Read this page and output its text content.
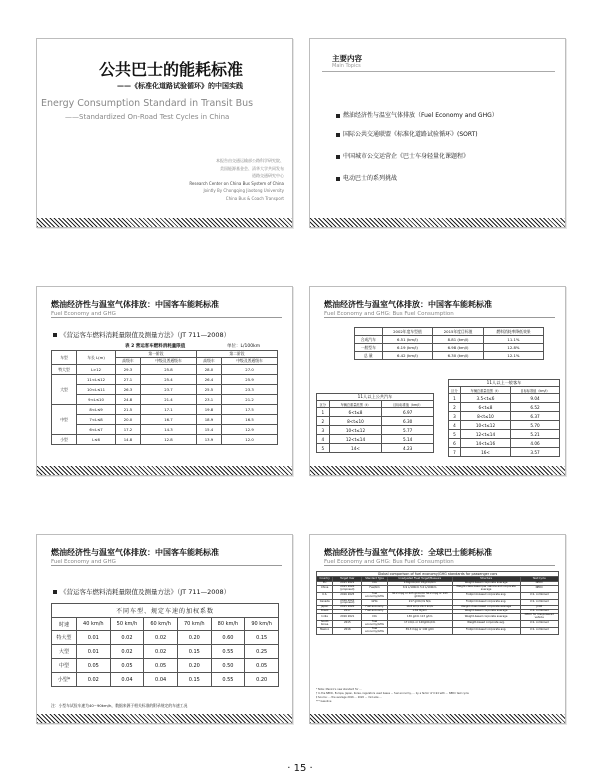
公共巴士的能耗标准
——《标准化道路试验循环》的中国实践
Energy Consumption Standard in Transit Bus
——Standardized On-Road Test Cycles in China
本报告由交通运输部公路科学研究院、
美国能源基金会、清华大学共同发布
道路交通研究中心
Research Center on China Bus System of China
Jointly By Chongqing Jiaotong University
China Bus & Coach Transport
主要内容
Main Topics
燃油经济性与温室气体排放（Fuel Economy and GHG）
国际公共交通联盟《标准化道路试验循环》(SORT)
中国城市公交运营企《巴士车身轻量化课题程》
电动巴士的系列挑战
燃油经济性与温室气体排放：中国客车能耗标准
Fuel Economy and GHG
《营运客车燃料消耗量限值及测量方法》（JT 711—2008）
表 2 营运客车燃料消耗量限值	单位：L/100km
车型	车长 L(m)	第一阶段		第二阶段	
		高级车	中级及普通级车	高级车	中级及普通级车
特大型	L>12	29.3	25.8	28.0	27.0
大型	11<L≤12	27.1	25.4	26.4	25.9
	10<L≤11	26.3	23.7	25.5	23.3
	9<L≤10	24.8	21.4	23.1	21.2
中型	8<L≤9	21.5	17.1	19.8	17.5
	7<L≤8	20.0	16.7	18.9	16.5
	6<L≤7	17.2	14.3	15.4	12.9
小型	L≤6	14.8	12.8	13.9	12.0
燃油经济性与温室气体排放：中国客车能耗标准
Fuel Economy and GHG: Bus Fuel Consumption
	2002年度车型值	2015年度目标值	燃料消耗率降低效果
合成汽车	6.51 (km/l)	8.81 (km/l)	11.1%
一般型车	6.19 (km/l)	6.98 (km/l)	12.8%
总 量	6.42 (km/l)	6.30 (km/l)	12.1%
11人以上公共汽车		
区分	车辆总重量范围（t）	目标标准值（km/l）
1	6<t≤8	6.97
2	8<t≤10	6.30
3	10<t≤12	5.77
4	12<t≤14	5.14
5	14<	4.23
11人以上一般客车		
区分	车辆总重量范围（t）	目标标准值（km/l）
1	3.5<t≤6	9.04
2	6<t≤8	6.52
3	8<t≤10	6.37
4	10<t≤12	5.70
5	12<t≤14	5.21
6	14<t≤16	4.06
7	16<	3.57
燃油经济性与温室气体排放：中国客车能耗标准
Fuel Economy and GHG
《营运客车燃料消耗量限值及测量方法》（JT 711—2008）
不同车型、规定车速的加权系数						
时速	40 km/h	50 km/h	60 km/h	70 km/h	80 km/h	90 km/h
特大型	0.01	0.02	0.02	0.20	0.60	0.15
大型	0.01	0.02	0.02	0.15	0.55	0.25
中型	0.05	0.05	0.05	0.20	0.50	0.05
小型*	0.02	0.04	0.04	0.15	0.55	0.20
注：小型车试验车速为40~90km/h，数据来源于相关标准的附录规定的车速工况
燃油经济性与温室气体排放：全球巴士能耗标准
Fuel Economy and GHG: Bus Fuel Consumption
Global comparison of fuel economy/GHG standards for passenger cars					
Country	Target Year	Standard Type	Unadjusted Fleet Target/Measure	Structure	Test Cycle
EU	2015 2021	CO₂	130gCO₂/km 95gCO₂/km	Weight-based corporate average	NEDC
China	2015 2020 (proposed)	Fuel/km	6.9 L/100km 5.0 L/100km	Weight-class based per vehicle and corporate average	NEDC
U.S.	2016 2025	Fuel economy/GHG	36.2 mpg or 225 gCO₂/mi 56.2 mpg or 143 gCO₂/mi	Footprint-based corporate avg.	U.S. combined
Canada	2016 2025 (proposed)	GHG	217 gCO₂/mi N/A	Footprint-based corporate avg.	U.S. combined
Japan	2015 2020	Fuel economy	16.8 km/L 20.3 km/L	Weight-class based corporate average	JC08
Brazil	2017	Fuel economy	1.82 MJ/km	Weight-based corporate average	U.S. combined
India	2016 2021	CO₂	130 g/km 113 g/km	Weight-based corporate average	NEDC for low-powered vehicle
South Korea	2015	Fuel economy/GHG	17 km/L or 140gCO₂/km	Weight-based corporate avg.	U.S. combined
Mexico	2016	Fuel economy/GHG	39.3 mpg or 140 g/mi	Footprint-based corporate avg.	U.S. combined
* Note: Mexico's new standard for ...
† In the NEDC, Europe, Japan, Korea, regulators used bases ... fuel economy, ... by a factor of 0.94 with ... NEDC test cycle
‡ Source: ... the average 2016 ... 2020 ... mid-size ...
*** Gasoline
· 15 ·
